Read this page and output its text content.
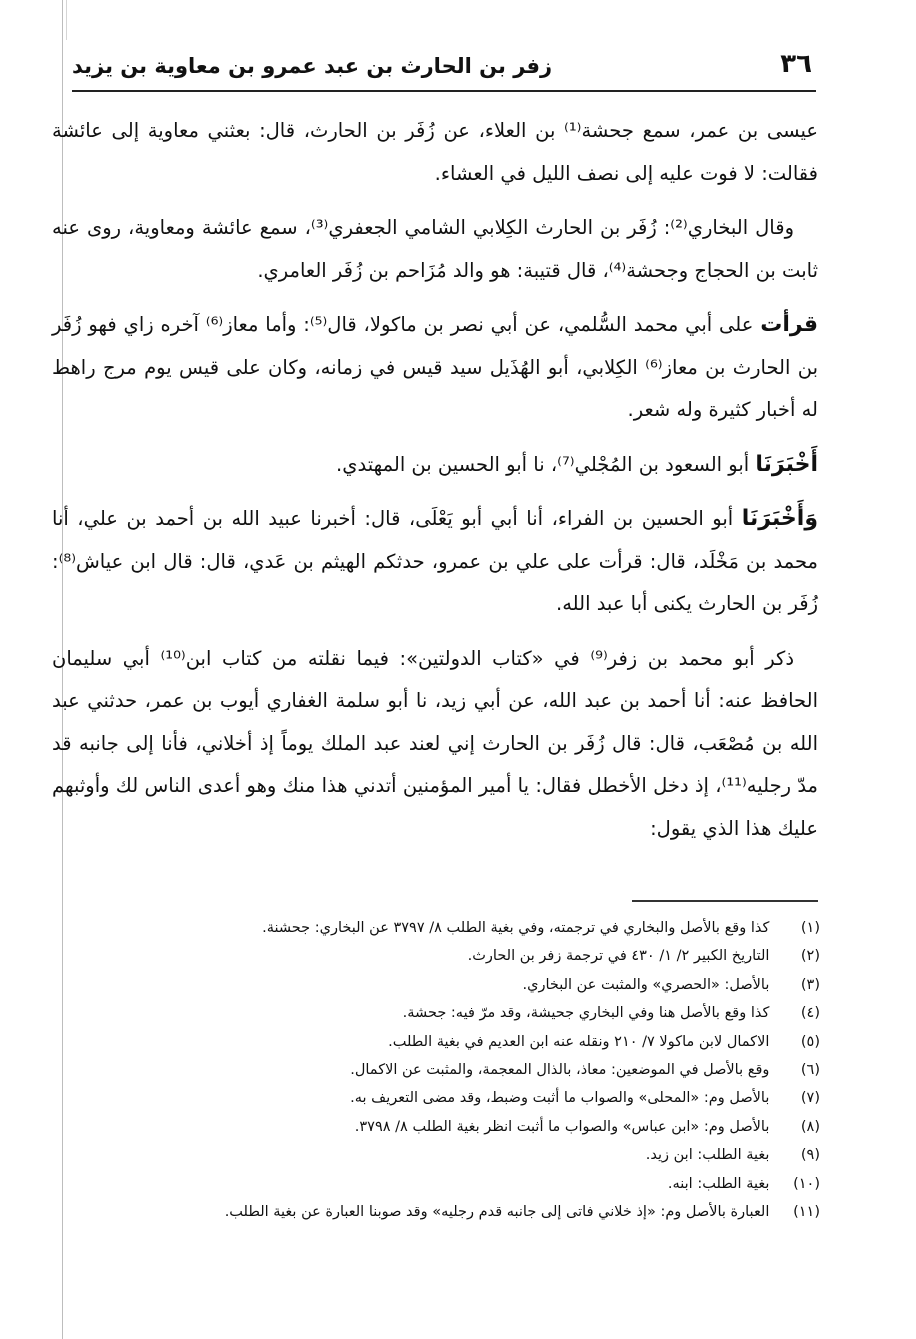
٣٦
زفر بن الحارث بن عبد عمرو بن معاوية بن يزيد

عيسى بن عمر، سمع جحشة⁽¹⁾ بن العلاء، عن زُفَر بن الحارث، قال: بعثني معاوية إلى عائشة فقالت: لا فوت عليه إلى نصف الليل في العشاء.

وقال البخاري⁽²⁾: زُفَر بن الحارث الكِلابي الشامي الجعفري⁽³⁾، سمع عائشة ومعاوية، روى عنه ثابت بن الحجاج وجحشة⁽⁴⁾، قال قتيبة: هو والد مُزَاحم بن زُفَر العامري.

قرأت على أبي محمد السُّلمي، عن أبي نصر بن ماكولا، قال⁽⁵⁾: وأما معاز⁽⁶⁾ آخره زاي فهو زُفَر بن الحارث بن معاز⁽⁶⁾ الكِلابي، أبو الهُذَيل سيد قيس في زمانه، وكان على قيس يوم مرج راهط له أخبار كثيرة وله شعر.

أَخْبَرَنَا أبو السعود بن المُجْلي⁽⁷⁾، نا أبو الحسين بن المهتدي.

وَأَخْبَرَنَا أبو الحسين بن الفراء، أنا أبي أبو يَعْلَى، قال: أخبرنا عبيد الله بن أحمد بن علي، أنا محمد بن مَخْلَد، قال: قرأت على علي بن عمرو، حدثكم الهيثم بن عَدي، قال: قال ابن عياش⁽⁸⁾: زُفَر بن الحارث يكنى أبا عبد الله.

ذكر أبو محمد بن زفر⁽⁹⁾ في «كتاب الدولتين»: فيما نقلته من كتاب ابن⁽¹⁰⁾ أبي سليمان الحافظ عنه: أنا أحمد بن عبد الله، عن أبي زيد، نا أبو سلمة الغفاري أيوب بن عمر، حدثني عبد الله بن مُصْعَب، قال: قال زُفَر بن الحارث إني لعند عبد الملك يوماً إذ أخلاني، فأنا إلى جانبه قد مدّ رجليه⁽¹¹⁾، إذ دخل الأخطل فقال: يا أمير المؤمنين أتدني هذا منك وهو أعدى الناس لك وأوثبهم عليك هذا الذي يقول:

(١) كذا وقع بالأصل والبخاري في ترجمته، وفي بغية الطلب ٨/ ٣٧٩٧ عن البخاري: جحشنة.
(٢) التاريخ الكبير ٢/ ١/ ٤٣٠ في ترجمة زفر بن الحارث.
(٣) بالأصل: «الحصري» والمثبت عن البخاري.
(٤) كذا وقع بالأصل هنا وفي البخاري جحيشة، وقد مرّ فيه: جحشة.
(٥) الاكمال لابن ماكولا ٧/ ٢١٠ ونقله عنه ابن العديم في بغية الطلب.
(٦) وقع بالأصل في الموضعين: معاذ، بالذال المعجمة، والمثبت عن الاكمال.
(٧) بالأصل وم: «المحلى» والصواب ما أثبت وضبط، وقد مضى التعريف به.
(٨) بالأصل وم: «ابن عباس» والصواب ما أثبت انظر بغية الطلب ٨/ ٣٧٩٨.
(٩) بغية الطلب: ابن زيد.
(١٠) بغية الطلب: ابنه.
(١١) العبارة بالأصل وم: «إذ خلاني فاتى إلى جانبه قدم رجليه» وقد صوبنا العبارة عن بغية الطلب.
